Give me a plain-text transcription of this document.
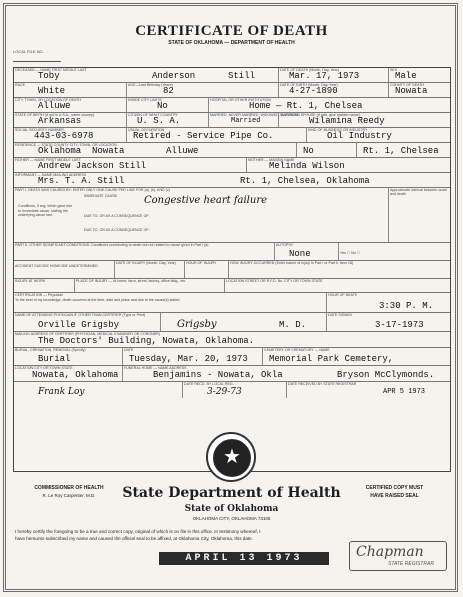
LOCAL FILE NO.
CERTIFICATE OF DEATH
STATE OF OKLAHOMA — DEPARTMENT OF HEALTH
DECEASED — NAME FIRST MIDDLE LAST
Toby	Anderson	Still
DATE OF DEATH (Month, Day, Year)
Mar. 17, 1973
SEX
Male
RACE
White
AGE—Last Birthday (Years)
82
DATE OF BIRTH (Month, Day, Year)
4-27-1890
COUNTY OF DEATH
Nowata
CITY, TOWN, OR LOCATION OF DEATH
Alluwe
INSIDE CITY LIMITS
No
HOSPITAL OR OTHER INSTITUTION
Home — Rt. 1, Chelsea
STATE OF BIRTH (If not in U.S.A., name country)
Arkansas
CITIZEN OF WHAT COUNTRY
U. S. A.
MARRIED, NEVER MARRIED, WIDOWED, DIVORCED
Married
SURVIVING SPOUSE (If wife, give maiden name)
Wilamina Reedy
SOCIAL SECURITY NUMBER
443-03-6978
USUAL OCCUPATION
Retired - Service Pipe Co.
KIND OF BUSINESS OR INDUSTRY
Oil Industry
RESIDENCE — STATE COUNTY CITY, TOWN, OR LOCATION
Oklahoma Nowata	Alluwe	No	Rt. 1, Chelsea
FATHER — NAME FIRST MIDDLE LAST
Andrew Jackson Still
MOTHER — MAIDEN NAME
Melinda Wilson
INFORMANT — NAME MAILING ADDRESS
Mrs. T. A. Still	Rt. 1, Chelsea, Oklahoma
PART I. DEATH WAS CAUSED BY: ENTER ONLY ONE CAUSE PER LINE FOR (a), (b), AND (c)
IMMEDIATE CAUSE	Congestive heart failure
DUE TO, OR AS A CONSEQUENCE OF:
DUE TO, OR AS A CONSEQUENCE OF:
Conditions, if any, which gave rise to immediate cause, stating the underlying cause last.
Approximate interval between onset and death
PART II. OTHER SIGNIFICANT CONDITIONS: Conditions contributing to death but not related to cause given in Part I (a)	AUTOPSY
None	Yes ☐ No ☐
ACCIDENT SUICIDE HOMICIDE UNDETERMINED
DATE OF INJURY (Month, Day, Year)	HOUR OF INJURY	HOW INJURY OCCURRED (Enter nature of injury in Part I or Part II, item 18)
INJURY AT WORK	PLACE OF INJURY — At home, farm, street, factory, office bldg., etc.	LOCATION STREET OR R.F.D. No. CITY OR TOWN STATE
CERTIFICATION — Physician
To the best of my knowledge, death occurred at the time, date and place and due to the cause(s) stated.
HOUR OF DEATH
3:30 P. M.
NAME OF ATTENDING PHYSICIAN IF OTHER THAN CERTIFIER (Type or Print)
Orville Grigsby	Grigsby	M. D.
DATE SIGNED
3-17-1973
MAILING ADDRESS OF CERTIFIER (PHYSICIAN, MEDICAL EXAMINER OR CORONER)
The Doctors' Building, Nowata, Oklahoma.
BURIAL, CREMATION, REMOVAL (Specify)
Burial
DATE
Tuesday, Mar. 20, 1973
CEMETERY OR CREMATORY — NAME
Memorial Park Cemetery,
LOCATION CITY OR TOWN STATE
Nowata, Oklahoma
FUNERAL HOME — NAME ADDRESS
Benjamins - Nowata, Okla	Bryson McClymonds.
Frank Loy
DATE RECD. BY LOCAL REG.
3-29-73
DATE RECEIVED BY STATE REGISTRAR
APR 5 1973
COMMISSIONER OF HEALTH
R. Le Roy Carpenter, M.D.
CERTIFIED COPY MUST
HAVE RAISED SEAL
★
State Department of Health
State of Oklahoma
OKLAHOMA CITY, OKLAHOMA 73105
I hereby certify the foregoing to be a true and correct copy, original of which is on file in this office. In testimony whereof, I have hereunto subscribed my name and caused the official seal to be affixed, at Oklahoma City, Oklahoma, this date.
APRIL 13 1973	Chapman
STATE REGISTRAR
